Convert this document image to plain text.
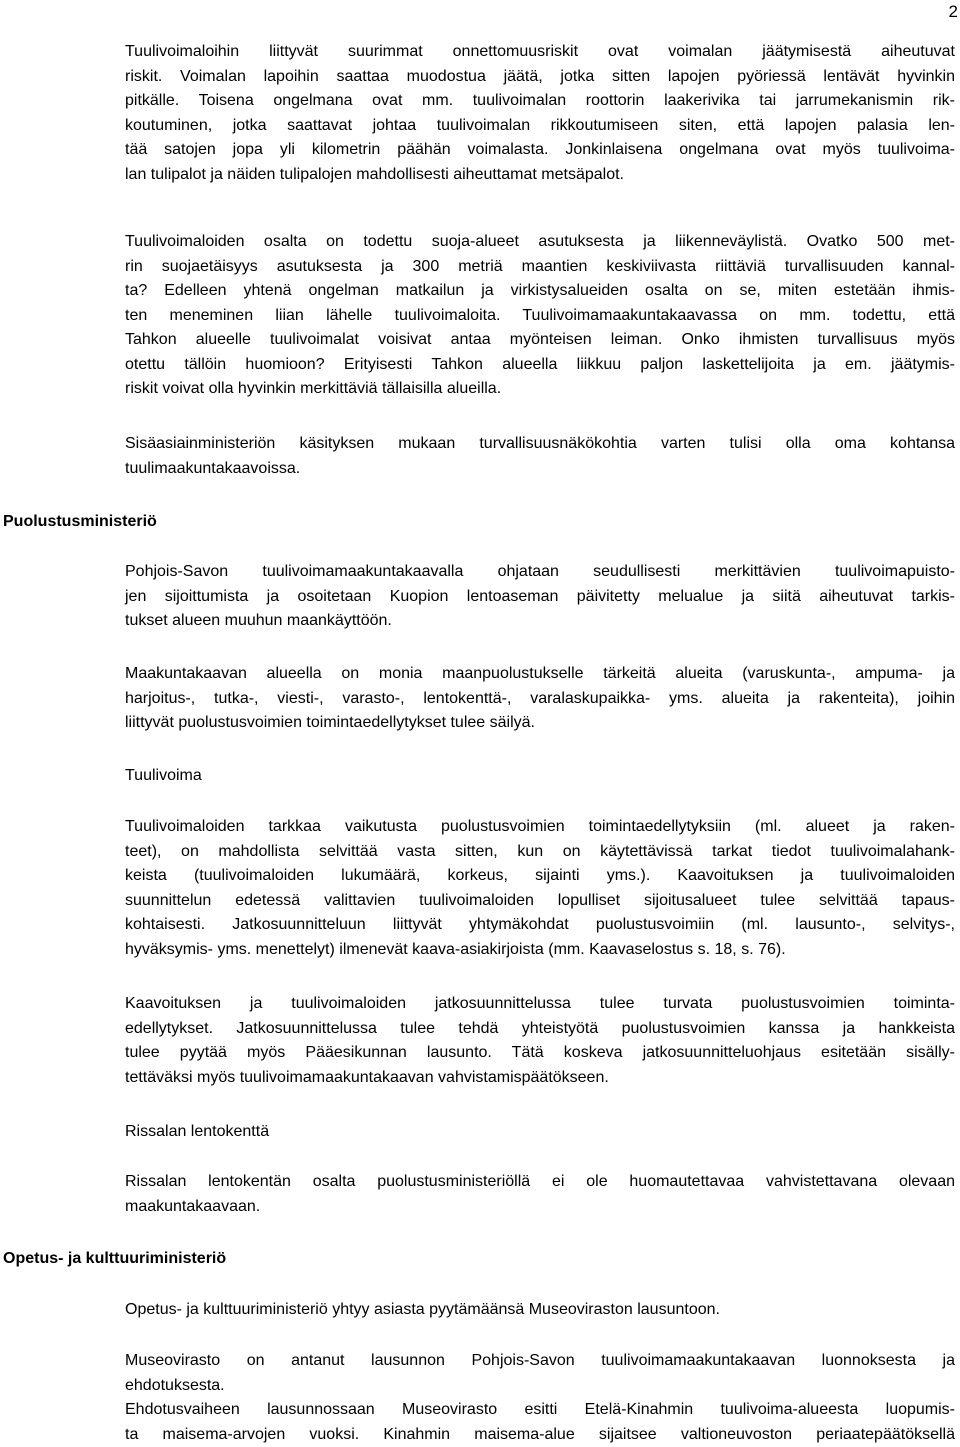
2
Puolustusministeriö
Opetus- ja kulttuuriministeriö
Tuulivoimaloihin liittyvät suurimmat onnettomuusriskit ovat voimalan jäätymisestä aiheutuvat
riskit. Voimalan lapoihin saattaa muodostua jäätä, jotka sitten lapojen pyöriessä lentävät hyvinkin
pitkälle. Toisena ongelmana ovat mm. tuulivoimalan roottorin laakerivika tai jarrumekanismin rik-
koutuminen, jotka saattavat johtaa tuulivoimalan rikkoutumiseen siten, että lapojen palasia len-
tää satojen jopa yli kilometrin päähän voimalasta. Jonkinlaisena ongelmana ovat myös tuulivoima-
lan tulipalot ja näiden tulipalojen mahdollisesti aiheuttamat metsäpalot.
Tuulivoimaloiden osalta on todettu suoja-alueet asutuksesta ja liikenneväylistä. Ovatko 500 met-
rin suojaetäisyys asutuksesta ja 300 metriä maantien keskiviivasta riittäviä turvallisuuden kannal-
ta? Edelleen yhtenä ongelman matkailun ja virkistysalueiden osalta on se, miten estetään ihmis-
ten meneminen liian lähelle tuulivoimaloita. Tuulivoimamaakuntakaavassa on mm. todettu, että
Tahkon alueelle tuulivoimalat voisivat antaa myönteisen leiman. Onko ihmisten turvallisuus myös
otettu tällöin huomioon? Erityisesti Tahkon alueella liikkuu paljon laskettelijoita ja em. jäätymis-
riskit voivat olla hyvinkin merkittäviä tällaisilla alueilla.
Sisäasiainministeriön käsityksen mukaan turvallisuusnäkökohtia varten tulisi olla oma kohtansa
tuulimaakuntakaavoissa.
Pohjois-Savon tuulivoimamaakuntakaavalla ohjataan seudullisesti merkittävien tuulivoimapuisto-
jen sijoittumista ja osoitetaan Kuopion lentoaseman päivitetty melualue ja siitä aiheutuvat tarkis-
tukset alueen muuhun maankäyttöön.
Maakuntakaavan alueella on monia maanpuolustukselle tärkeitä alueita (varuskunta-, ampuma- ja
harjoitus-, tutka-, viesti-, varasto-, lentokenttä-, varalaskupaikka- yms. alueita ja rakenteita), joihin
liittyvät puolustusvoimien toimintaedellytykset tulee säilyä.
Tuulivoima
Tuulivoimaloiden tarkkaa vaikutusta puolustusvoimien toimintaedellytyksiin (ml. alueet ja raken-
teet), on mahdollista selvittää vasta sitten, kun on käytettävissä tarkat tiedot tuulivoimalahank-
keista (tuulivoimaloiden lukumäärä, korkeus, sijainti yms.). Kaavoituksen ja tuulivoimaloiden
suunnittelun edetessä valittavien tuulivoimaloiden lopulliset sijoitusalueet tulee selvittää tapaus-
kohtaisesti. Jatkosuunnitteluun liittyvät yhtymäkohdat puolustusvoimiin (ml. lausunto-, selvitys-,
hyväksymis- yms. menettelyt) ilmenevät kaava-asiakirjoista (mm. Kaavaselostus s. 18, s. 76).
Kaavoituksen ja tuulivoimaloiden jatkosuunnittelussa tulee turvata puolustusvoimien toiminta-
edellytykset. Jatkosuunnittelussa tulee tehdä yhteistyötä puolustusvoimien kanssa ja hankkeista
tulee pyytää myös Pääesikunnan lausunto. Tätä koskeva jatkosuunnitteluohjaus esitetään sisälly-
tettäväksi myös tuulivoimamaakuntakaavan vahvistamispäätökseen.
Rissalan lentokenttä
Rissalan lentokentän osalta puolustusministeriöllä ei ole huomautettavaa vahvistettavana olevaan
maakuntakaavaan.
Opetus- ja kulttuuriministeriö yhtyy asiasta pyytämäänsä Museoviraston lausuntoon.
Museovirasto on antanut lausunnon Pohjois-Savon tuulivoimamaakuntakaavan luonnoksesta ja
ehdotuksesta.
Ehdotusvaiheen lausunnossaan Museovirasto esitti Etelä-Kinahmin tuulivoima-alueesta luopumis-
ta maisema-arvojen vuoksi. Kinahmin maisema-alue sijaitsee valtioneuvoston periaatepäätöksellä
